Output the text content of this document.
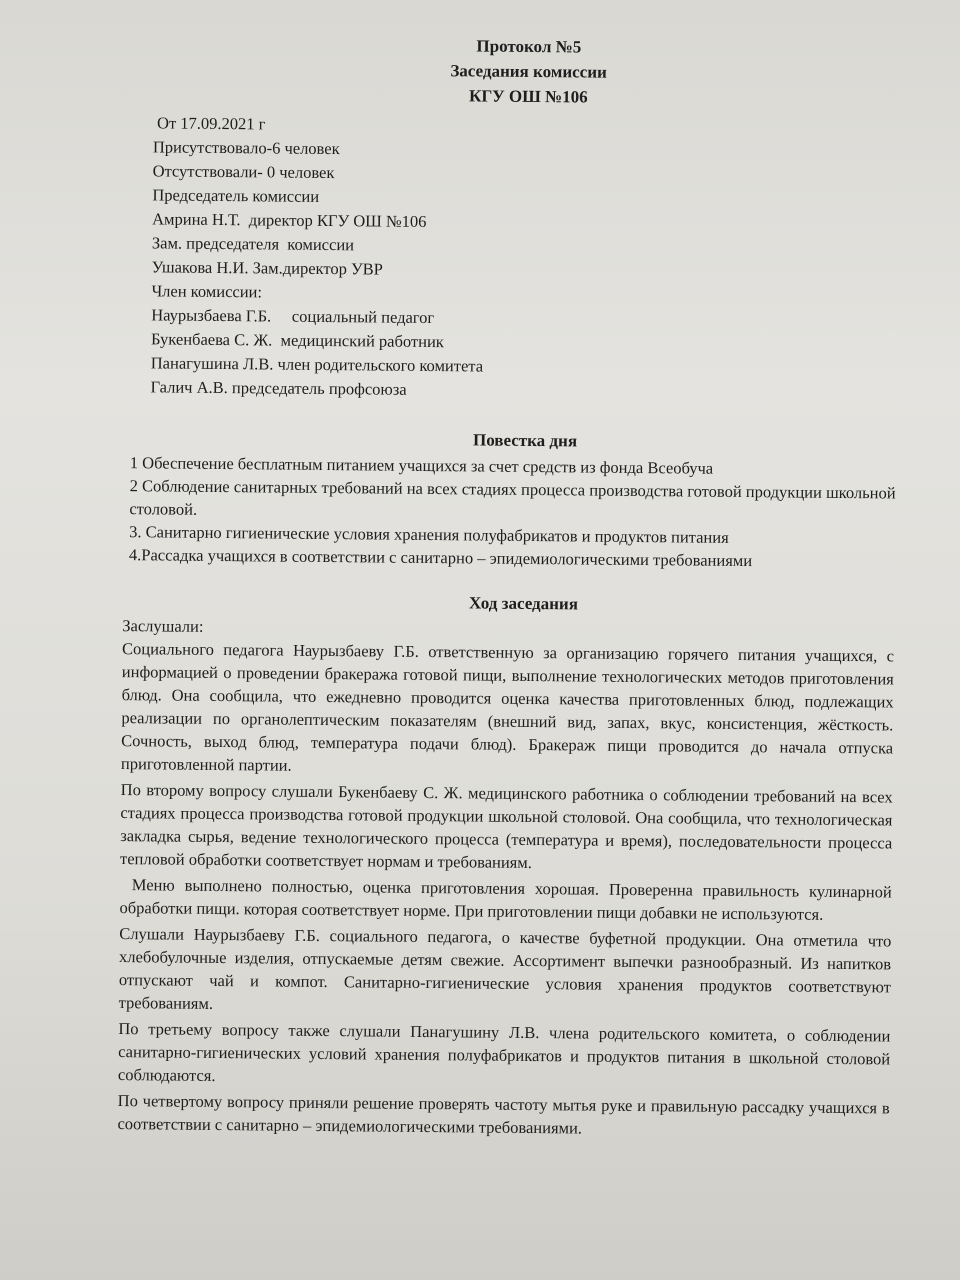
Протокол №5
Заседания комиссии
КГУ ОШ №106
От 17.09.2021 г
Присутствовало-6 человек
Отсутствовали- 0 человек
Председатель комиссии
Амрина Н.Т.  директор КГУ ОШ №106
Зам. председателя  комиссии
Ушакова Н.И. Зам.директор УВР
Член комиссии:
Наурызбаева Г.Б.     социальный педагог
Букенбаева С. Ж.  медицинский работник
Панагушина Л.В. член родительского комитета
Галич А.В. председатель профсоюза
Повестка дня

1 Обеспечение бесплатным питанием учащихся за счет средств из фонда Всеобуча

2 Соблюдение санитарных требований на всех стадиях процесса производства готовой продукции школьной столовой.

3. Санитарно гигиенические условия хранения полуфабрикатов и продуктов питания

4.Рассадка учащихся в соответствии с санитарно – эпидемиологическими требованиями

Ход заседания

Заслушали:

Социального педагога Наурызбаеву Г.Б. ответственную за организацию горячего питания учащихся, с информацией о проведении бракеража готовой пищи, выполнение технологических методов приготовления блюд. Она сообщила, что ежедневно проводится оценка качества приготовленных блюд, подлежащих реализации по органолептическим показателям (внешний вид, запах, вкус, консистенция, жёсткость. Сочность, выход блюд, температура подачи блюд). Бракераж пищи проводится до начала отпуска приготовленной партии.

По второму вопросу слушали Букенбаеву С. Ж. медицинского работника о соблюдении требований на всех стадиях процесса производства готовой продукции школьной столовой. Она сообщила, что технологическая закладка сырья, ведение технологического процесса (температура и время), последовательности процесса тепловой обработки соответствует нормам и требованиям.

Меню выполнено полностью, оценка приготовления хорошая. Проверенна правильность кулинарной обработки пищи. которая соответствует норме. При приготовлении пищи добавки не используются.

Слушали Наурызбаеву Г.Б. социального педагога, о качестве буфетной продукции. Она отметила что хлебобулочные изделия, отпускаемые детям свежие. Ассортимент выпечки разнообразный. Из напитков отпускают чай и компот. Санитарно-гигиенические условия хранения продуктов соответствуют требованиям.

По третьему вопросу также слушали Панагушину Л.В. члена родительского комитета, о соблюдении санитарно-гигиенических условий хранения полуфабрикатов и продуктов питания в школьной столовой соблюдаются.

По четвертому вопросу приняли решение проверять частоту мытья руке и правильную рассадку учащихся в соответствии с санитарно – эпидемиологическими требованиями.
